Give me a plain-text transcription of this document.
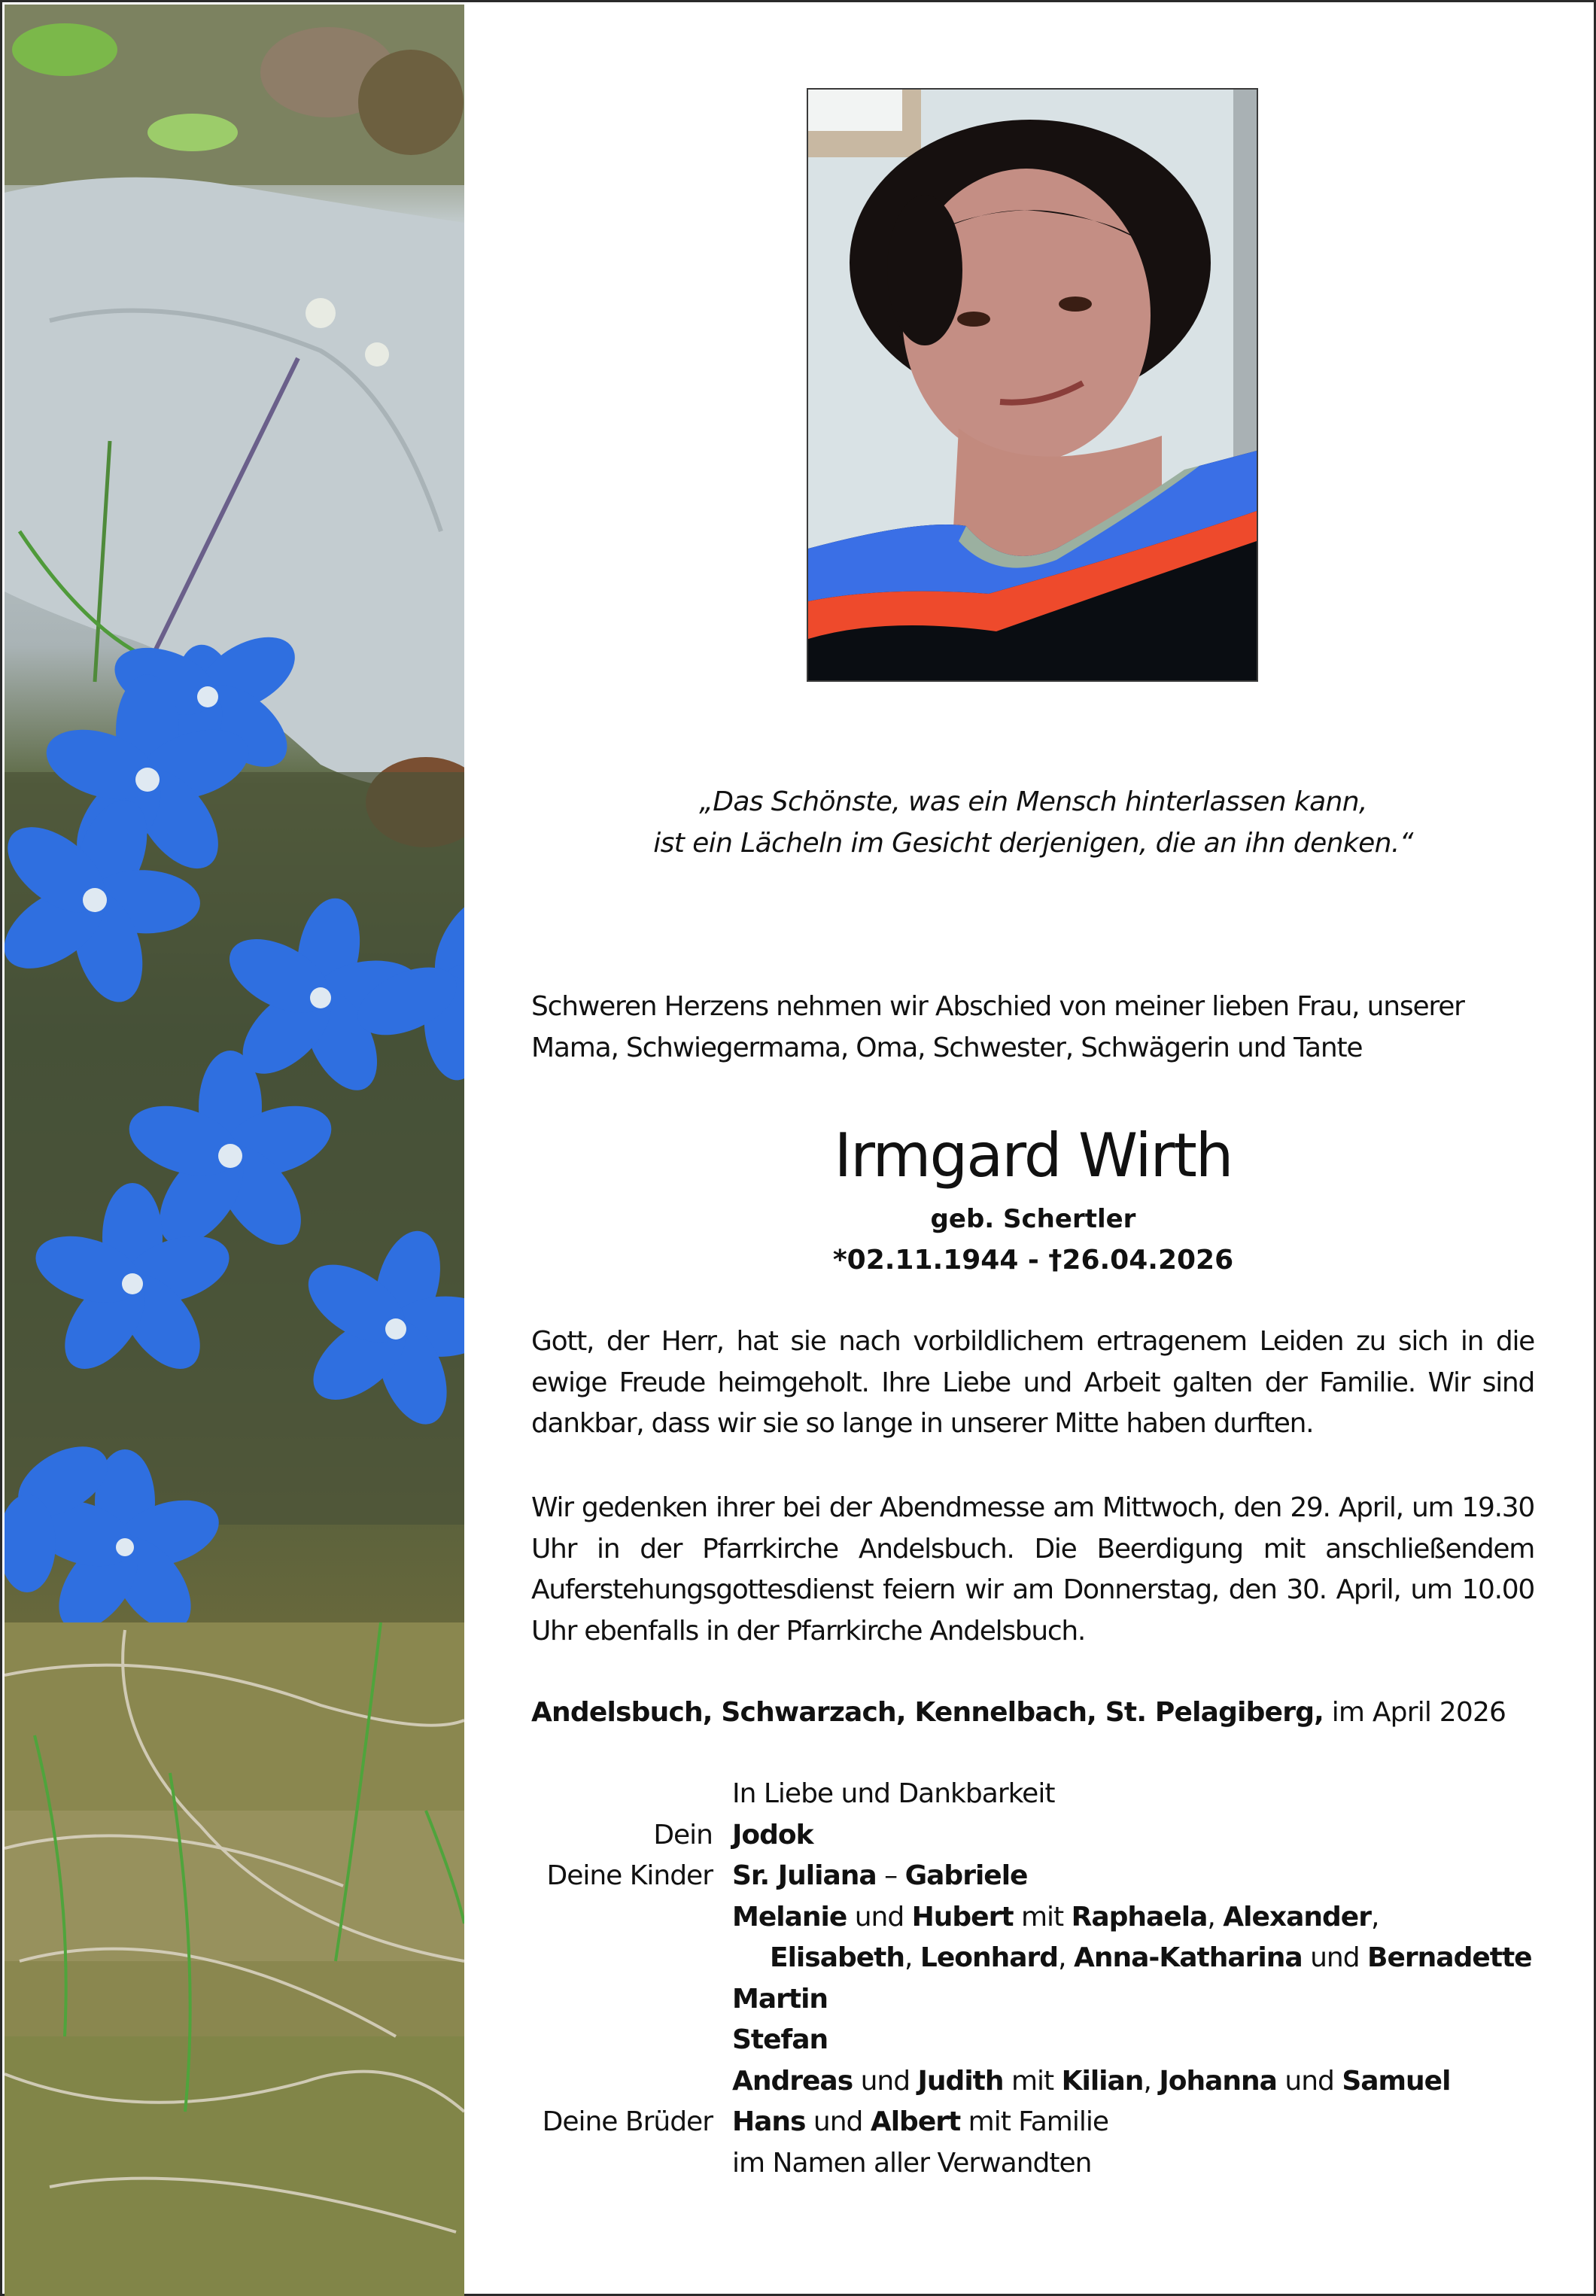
„Das Schönste, was ein Mensch hinterlassen kann,
ist ein Lächeln im Gesicht derjenigen, die an ihn denken.“
Schweren Herzens nehmen wir Abschied von meiner lieben Frau, unserer
Mama, Schwiegermama, Oma, Schwester, Schwägerin und Tante
Irmgard Wirth
geb. Schertler
*02.11.1944 - †26.04.2026
Gott, der Herr, hat sie nach vorbildlichem ertragenem Leiden zu sich in die ewige Freude heimgeholt. Ihre Liebe und Arbeit galten der Familie. Wir sind dankbar, dass wir sie so lange in unserer Mitte haben durften.
Wir gedenken ihrer bei der Abendmesse am Mittwoch, den 29. April, um 19.30 Uhr in der Pfarrkirche Andelsbuch. Die Beerdigung mit anschließendem Auferstehungsgottesdienst feiern wir am Donnerstag, den 30. April, um 10.00 Uhr ebenfalls in der Pfarrkirche Andelsbuch.
Andelsbuch, Schwarzach, Kennelbach, St. Pelagiberg, im April 2026
In Liebe und Dankbarkeit
Dein Jodok
Deine Kinder Sr. Juliana – Gabriele
Melanie und Hubert mit Raphaela, Alexander,
Elisabeth, Leonhard, Anna-Katharina und Bernadette
Martin
Stefan
Andreas und Judith mit Kilian, Johanna und Samuel
Deine Brüder Hans und Albert mit Familie
im Namen aller Verwandten
